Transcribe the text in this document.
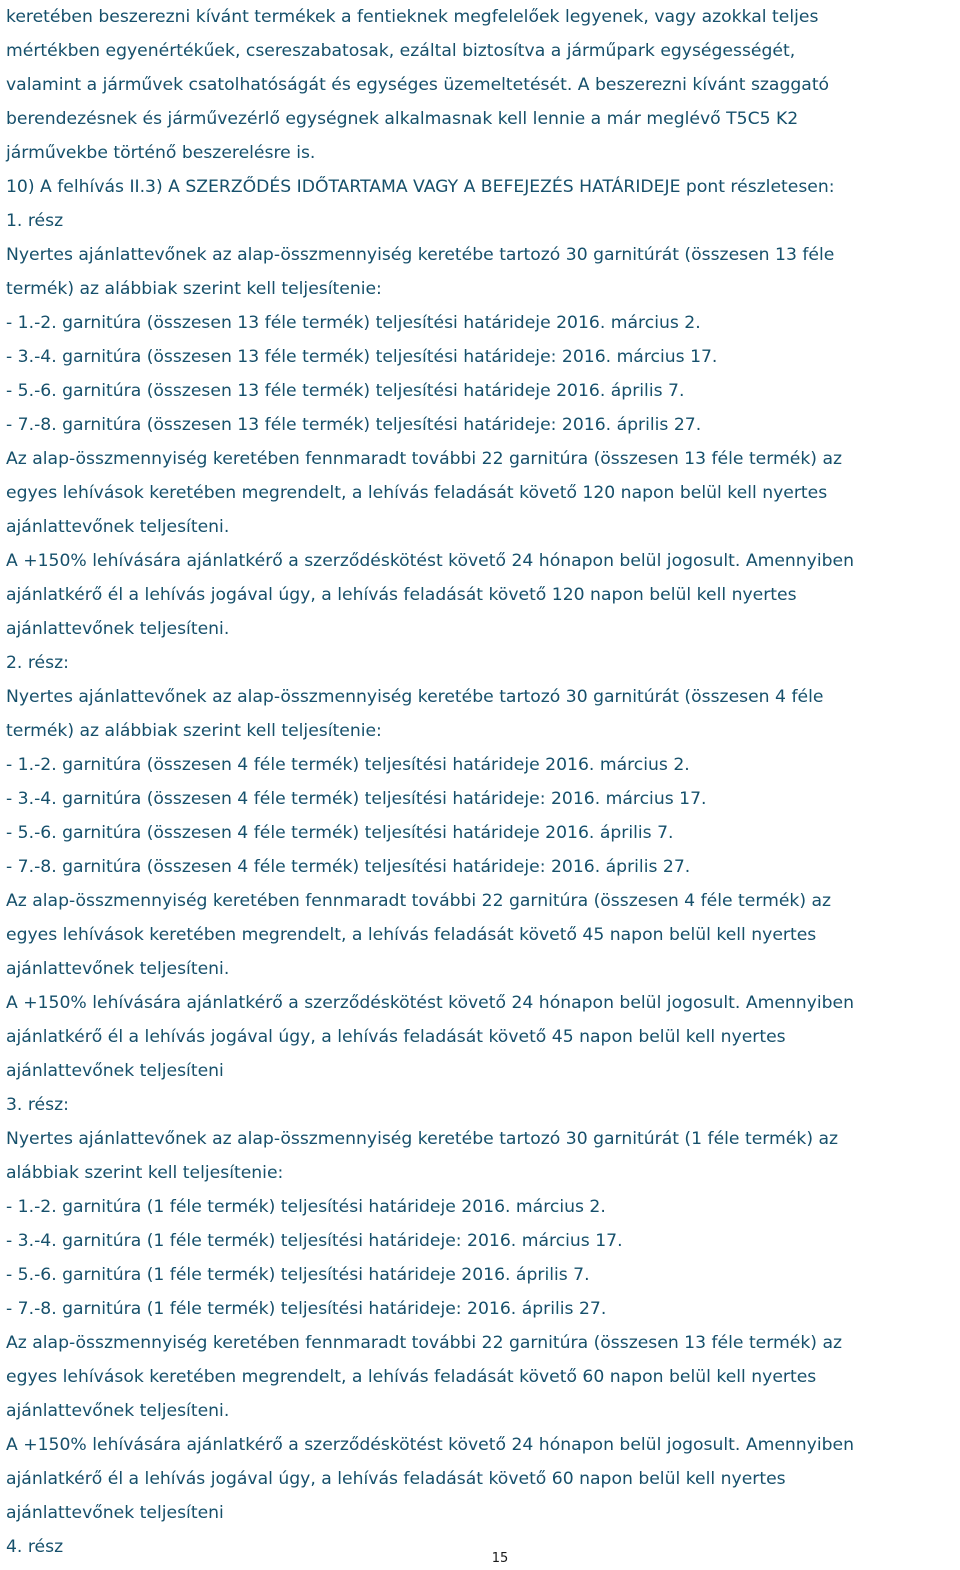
keretében beszerezni kívánt termékek a fentieknek megfelelőek legyenek, vagy azokkal teljes
mértékben egyenértékűek, csereszabatosak, ezáltal biztosítva a járműpark egységességét,
valamint a járművek csatolhatóságát és egységes üzemeltetését. A beszerezni kívánt szaggató
berendezésnek és járművezérlő egységnek alkalmasnak kell lennie a már meglévő T5C5 K2
járművekbe történő beszerelésre is.
10) A felhívás II.3) A SZERZŐDÉS IDŐTARTAMA VAGY A BEFEJEZÉS HATÁRIDEJE pont részletesen:
1. rész
Nyertes ajánlattevőnek az alap-összmennyiség keretébe tartozó 30 garnitúrát (összesen 13 féle
termék) az alábbiak szerint kell teljesítenie:
- 1.-2. garnitúra (összesen 13 féle termék) teljesítési határideje 2016. március 2.
- 3.-4. garnitúra (összesen 13 féle termék) teljesítési határideje: 2016. március 17.
- 5.-6. garnitúra (összesen 13 féle termék) teljesítési határideje 2016. április 7.
- 7.-8. garnitúra (összesen 13 féle termék) teljesítési határideje: 2016. április 27.
Az alap-összmennyiség keretében fennmaradt további 22 garnitúra (összesen 13 féle termék) az
egyes lehívások keretében megrendelt, a lehívás feladását követő 120 napon belül kell nyertes
ajánlattevőnek teljesíteni.
A +150% lehívására ajánlatkérő a szerződéskötést követő 24 hónapon belül jogosult. Amennyiben
ajánlatkérő él a lehívás jogával úgy, a lehívás feladását követő 120 napon belül kell nyertes
ajánlattevőnek teljesíteni.
2. rész:
Nyertes ajánlattevőnek az alap-összmennyiség keretébe tartozó 30 garnitúrát (összesen 4 féle
termék) az alábbiak szerint kell teljesítenie:
- 1.-2. garnitúra (összesen 4 féle termék) teljesítési határideje 2016. március 2.
- 3.-4. garnitúra (összesen 4 féle termék) teljesítési határideje: 2016. március 17.
- 5.-6. garnitúra (összesen 4 féle termék) teljesítési határideje 2016. április 7.
- 7.-8. garnitúra (összesen 4 féle termék) teljesítési határideje: 2016. április 27.
Az alap-összmennyiség keretében fennmaradt további 22 garnitúra (összesen 4 féle termék) az
egyes lehívások keretében megrendelt, a lehívás feladását követő 45 napon belül kell nyertes
ajánlattevőnek teljesíteni.
A +150% lehívására ajánlatkérő a szerződéskötést követő 24 hónapon belül jogosult. Amennyiben
ajánlatkérő él a lehívás jogával úgy, a lehívás feladását követő 45 napon belül kell nyertes
ajánlattevőnek teljesíteni
3. rész:
Nyertes ajánlattevőnek az alap-összmennyiség keretébe tartozó 30 garnitúrát (1 féle termék) az
alábbiak szerint kell teljesítenie:
- 1.-2. garnitúra (1 féle termék) teljesítési határideje 2016. március 2.
- 3.-4. garnitúra (1 féle termék) teljesítési határideje: 2016. március 17.
- 5.-6. garnitúra (1 féle termék) teljesítési határideje 2016. április 7.
- 7.-8. garnitúra (1 féle termék) teljesítési határideje: 2016. április 27.
Az alap-összmennyiség keretében fennmaradt további 22 garnitúra (összesen 13 féle termék) az
egyes lehívások keretében megrendelt, a lehívás feladását követő 60 napon belül kell nyertes
ajánlattevőnek teljesíteni.
A +150% lehívására ajánlatkérő a szerződéskötést követő 24 hónapon belül jogosult. Amennyiben
ajánlatkérő él a lehívás jogával úgy, a lehívás feladását követő 60 napon belül kell nyertes
ajánlattevőnek teljesíteni
4. rész
15
